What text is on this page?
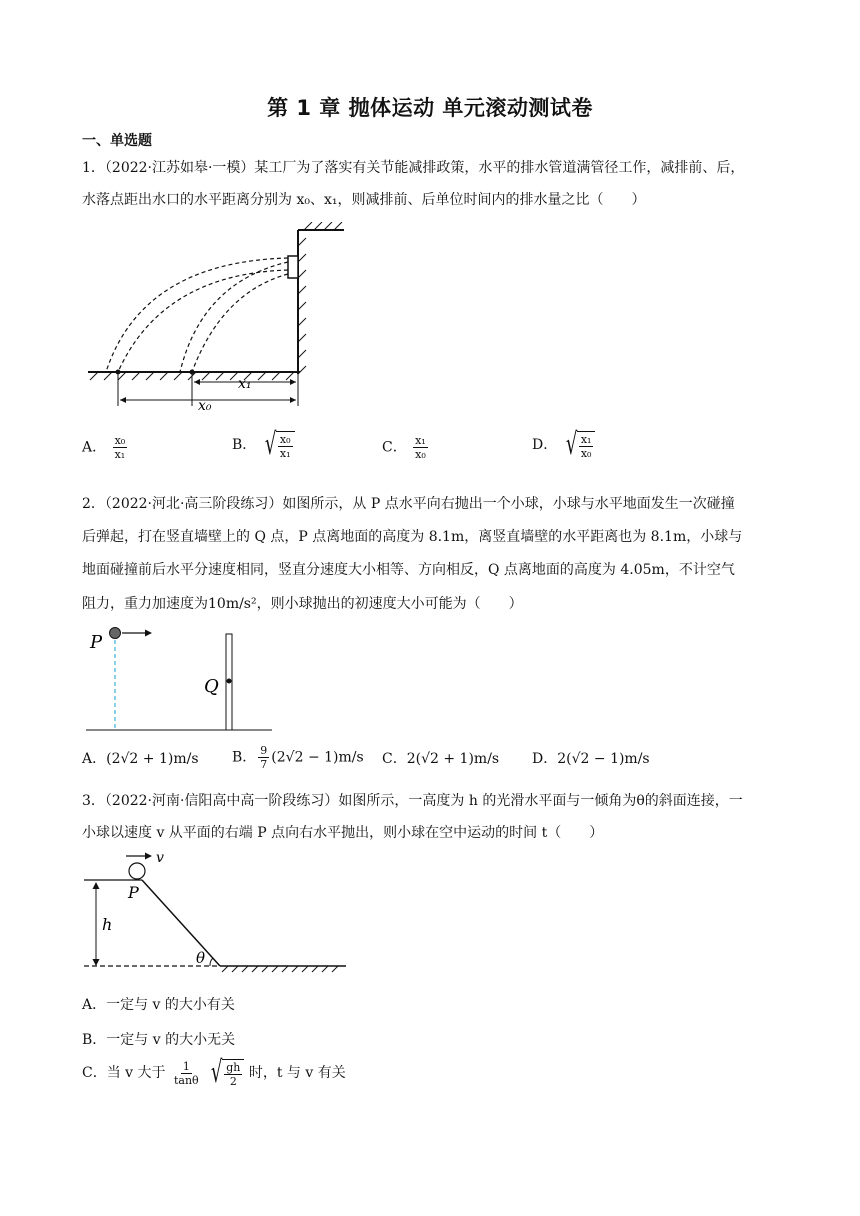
第 1 章 抛体运动 单元滚动测试卷
一、单选题
1．（2022·江苏如皋·一模）某工厂为了落实有关节能减排政策，水平的排水管道满管径工作，减排前、后，
水落点距出水口的水平距离分别为 x₀、x₁，则减排前、后单位时间内的排水量之比（　　）
x₁
x₀
A． $\frac{\text{x₀}}{\text{x₁}}$	B． √ $\frac{\text{x₀}}{\text{x₁}}$	C． $\frac{\text{x₁}}{\text{x₀}}$	D． √ $\frac{\text{x₁}}{\text{x₀}}$
2．（2022·河北·高三阶段练习）如图所示，从 P 点水平向右抛出一个小球，小球与水平地面发生一次碰撞
后弹起，打在竖直墙壁上的 Q 点，P 点离地面的高度为 8.1m，离竖直墙壁的水平距离也为 8.1m，小球与
地面碰撞前后水平分速度相同，竖直分速度大小相等、方向相反，Q 点离地面的高度为 4.05m，不计空气
阻力，重力加速度为10m/s²，则小球抛出的初速度大小可能为（　　）
P
Q
A．(2√2 + 1)m/s B． $\frac{9}{7} (2√2 - 1)m/s$ C．2(√2 + 1)m/s D．2(√2 − 1)m/s
3．（2022·河南·信阳高中高一阶段练习）如图所示，一高度为 h 的光滑水平面与一倾角为θ的斜面连接，一
小球以速度 v 从平面的右端 P 点向右水平抛出，则小球在空中运动的时间 t（　　）
v
P
h
θ
A．一定与 v 的大小有关
B．一定与 v 的大小无关
C．当 v 大于 $\frac{1}{\tan\theta}$
√ $\frac{gh}{2}$ 时，t 与 v 有关
